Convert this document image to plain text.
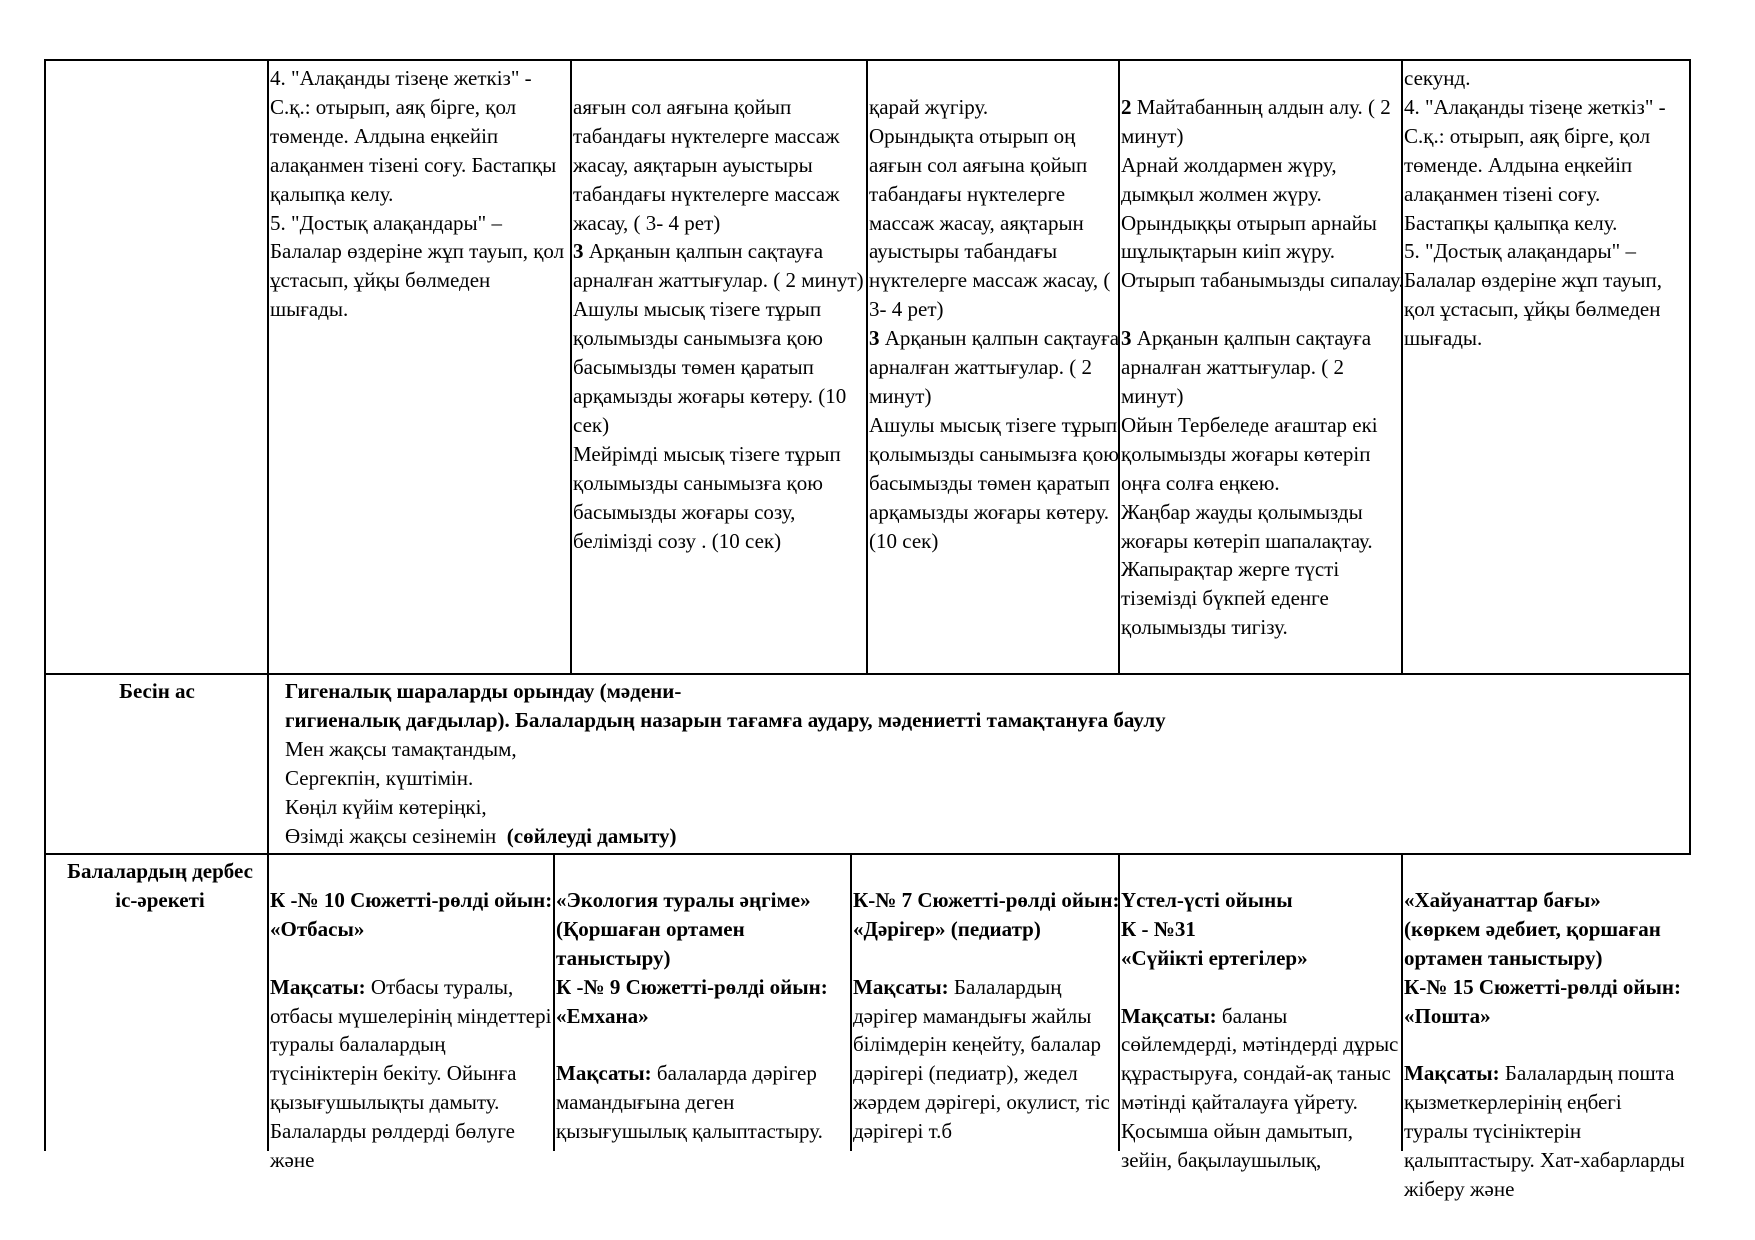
4. "Алақанды тізеңе жеткіз" - С.қ.: отырып, аяқ бірге, қол төменде. Алдына еңкейіп алақанмен тізені соғу. Бастапқы қалыпқа келу.
5. "Достық алақандары" – Балалар өздеріне жұп тауып, қол ұстасып, ұйқы бөлмеден шығады.

аяғын сол аяғына қойып табандағы нүктелерге массаж жасау, аяқтарын ауыстыры табандағы нүктелерге массаж жасау, ( 3- 4 рет)

3 Арқанын қалпын сақтауға арналған жаттығулар. ( 2 минут)
Ашулы мысық тізеге тұрып қолымызды санымызға қою басымызды төмен қаратып арқамызды жоғары көтеру. (10 сек)
Мейрімді мысық тізеге тұрып қолымызды санымызға қою басымызды жоғары созу, белімізді созу . (10 сек)

қарай жүгіру.
Орындықта отырып оң аяғын сол аяғына қойып табандағы нүктелерге массаж жасау, аяқтарын ауыстыры табандағы нүктелерге массаж жасау, ( 3- 4 рет)

3 Арқанын қалпын сақтауға арналған жаттығулар. ( 2 минут)
Ашулы мысық тізеге тұрып қолымызды санымызға қою басымызды төмен қаратып арқамызды жоғары көтеру. (10 сек)

2 Майтабанның алдын алу. ( 2 минут)
Арнай жолдармен жүру, дымқыл жолмен жүру. Орындыққы отырып арнайы шұлықтарын киіп жүру. Отырып табанымызды сипалау.

3 Арқанын қалпын сақтауға арналған жаттығулар. ( 2 минут)
Ойын Тербеледе ағаштар екі қолымызды жоғары көтеріп оңға солға еңкею.
Жаңбар жауды қолымызды жоғары көтеріп шапалақтау.
Жапырақтар жерге түсті тіземізді бүкпей еденге қолымызды тигізу.

секунд.
4. "Алақанды тізеңе жеткіз" - С.қ.: отырып, аяқ бірге, қол төменде. Алдына еңкейіп алақанмен тізені соғу. Бастапқы қалыпқа келу.
5. "Достық алақандары" – Балалар өздеріне жұп тауып, қол ұстасып, ұйқы бөлмеден шығады.
Бесін ас	Гигеналық шараларды орындау (мәдени-
гигиеналық дағдылар). Балалардың назарын тағамға аудару, мәдениетті тамақтануға баулу
Мен жақсы тамақтандым,
Сергекпін, күштімін.
Көңіл күйім көтеріңкі,
Өзімді жақсы сезінемін  (сөйлеуді дамыту)
Балалардың дербес іс-әрекеті	К -№ 10 Сюжетті-рөлді ойын: «Отбасы»

Мақсаты: Отбасы туралы, отбасы мүшелерінің міндеттері туралы балалардың түсініктерін бекіту. Ойынға қызығушылықты дамыту. Балаларды рөлдерді бөлуге және

«Экология туралы әңгіме»
(Қоршаған ортамен таныстыру)
К -№ 9 Сюжетті-рөлді ойын: «Емхана»

Мақсаты: балаларда дәрігер мамандығына деген қызығушылық қалыптастыру.

К-№ 7 Сюжетті-рөлді ойын: «Дәрігер» (педиатр)

Мақсаты: Балалардың дәрігер мамандығы жайлы білімдерін кеңейту, балалар дәрігері (педиатр), жедел жәрдем дәрігері, окулист, тіс дәрігері т.б

Үстел-үсті ойыны
К - №31
«Сүйікті ертегілер»

Мақсаты: баланы сөйлемдерді, мәтіндерді дұрыс құрастыруға, сондай-ақ таныс мәтінді қайталауға үйрету. Қосымша ойын дамытып, зейін, бақылаушылық,

«Хайуанаттар бағы»
(көркем әдебиет, қоршаған ортамен таныстыру)
К-№ 15 Сюжетті-рөлді ойын: «Пошта»

Мақсаты: Балалардың пошта қызметкерлерінің еңбегі туралы түсініктерін қалыптастыру. Хат-хабарларды жіберу және
